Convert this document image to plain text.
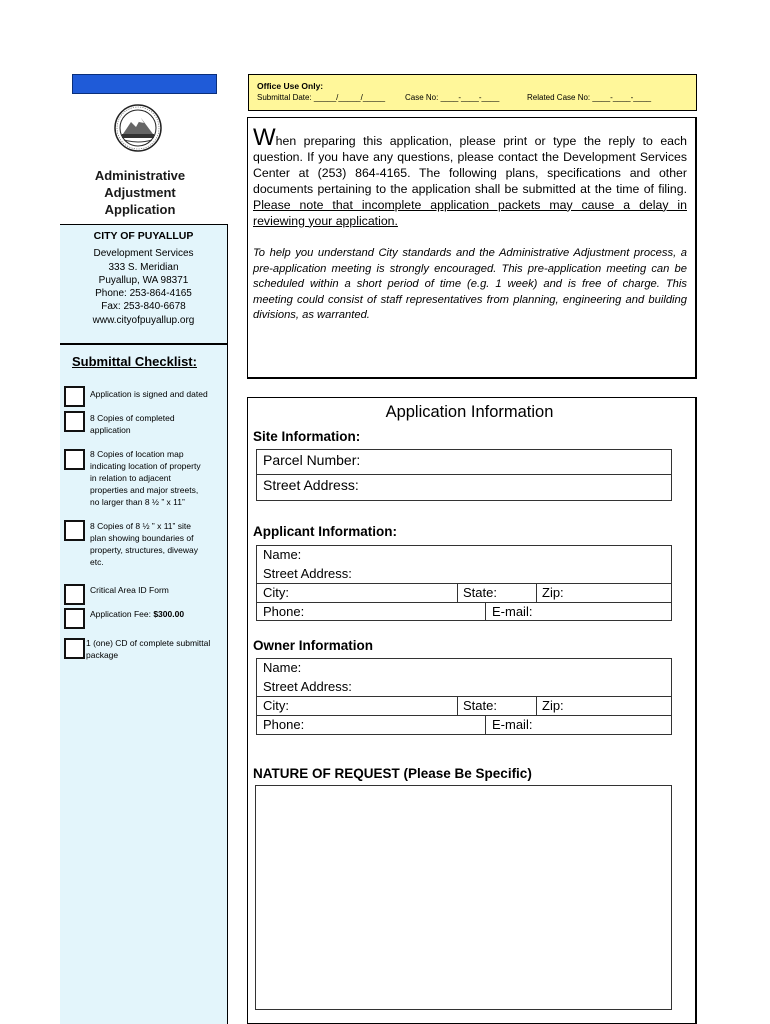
Office Use Only:
Submittal Date: _____/_____/_____ Case No: ____-____-____	Related Case No: ____-____-____
Administrative
Adjustment
Application
CITY OF PUYALLUP
Development Services
333 S. Meridian
Puyallup, WA 98371
Phone: 253-864-4165
Fax: 253-840-6678
www.cityofpuyallup.org
Submittal Checklist:
Application is signed and dated
8 Copies of completed
application
8 Copies of location map
indicating location of property
in relation to adjacent
properties and major streets,
no larger than 8 ½ ” x 11”
8 Copies of 8 ½ ” x 11” site
plan showing boundaries of
property, structures, diveway
etc.
Critical Area ID Form
Application Fee: $300.00
1 (one) CD of complete submittal
package
When preparing this application, please print or type the reply to each question. If you have any questions, please contact the Development Services Center at (253) 864-4165. The following plans, specifications and other documents pertaining to the application shall be submitted at the time of filing. Please note that incomplete application packets may cause a delay in reviewing your application.
To help you understand City standards and the Administrative Adjustment process, a pre-application meeting is strongly encouraged. This pre-application meeting can be scheduled within a short period of time (e.g. 1 week) and is free of charge. This meeting could consist of staff representatives from planning, engineering and building divisions, as warranted.
Application Information
Site Information:
Parcel Number:
Street Address:
Applicant Information:
Name:
Street Address:
City:	State:	Zip:
Phone:	E-mail:
Owner Information
Name:
Street Address:
City:	State:	Zip:
Phone:	E-mail:
NATURE OF REQUEST (Please Be Specific)
